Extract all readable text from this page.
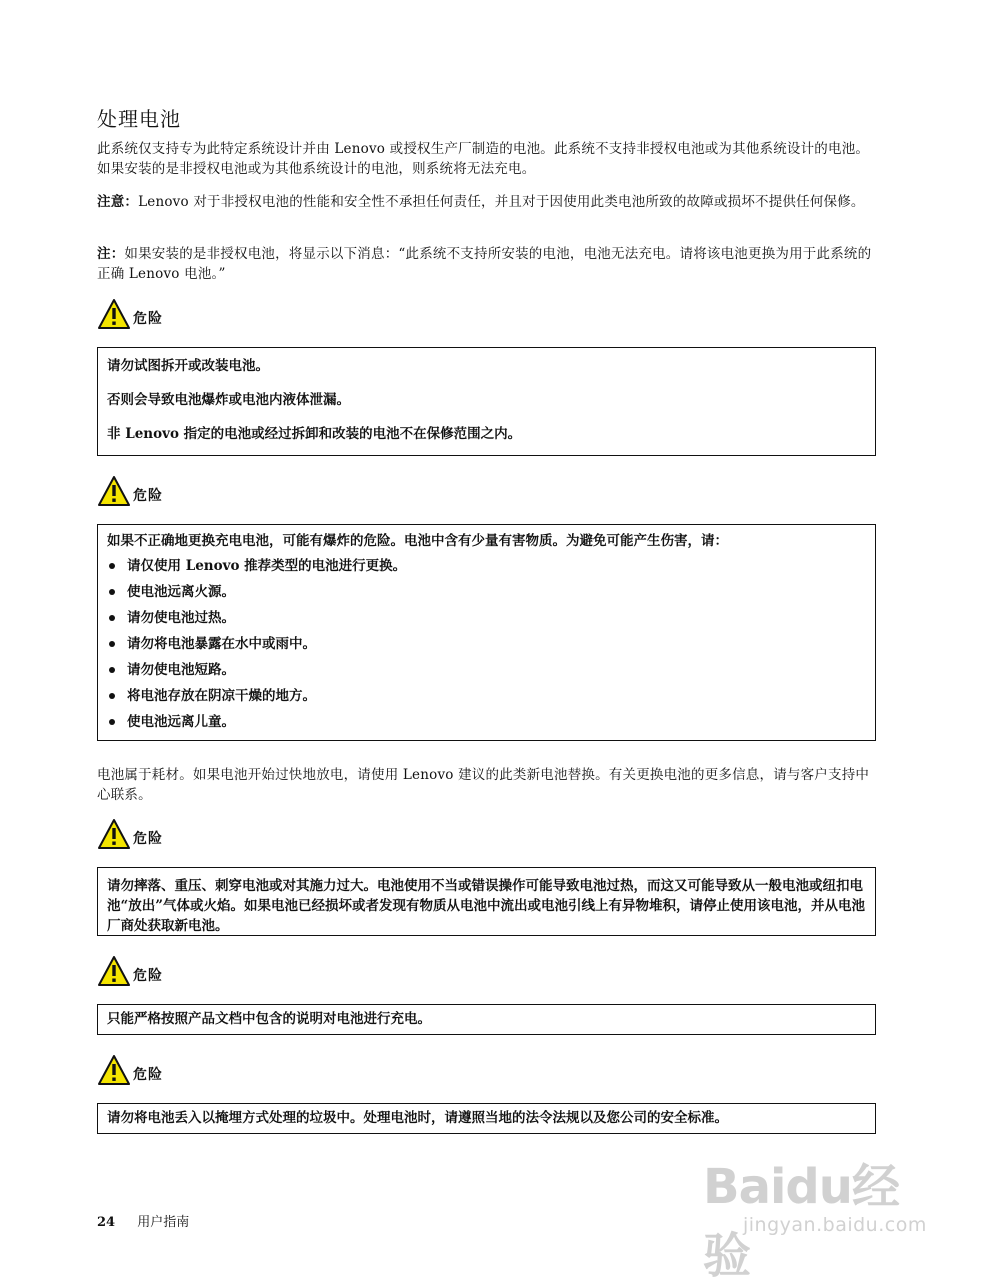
处理电池

此系统仅支持专为此特定系统设计并由 Lenovo 或授权生产厂制造的电池。此系统不支持非授权电池或为其他系统设计的电池。如果安装的是非授权电池或为其他系统设计的电池，则系统将无法充电。

注意：Lenovo 对于非授权电池的性能和安全性不承担任何责任，并且对于因使用此类电池所致的故障或损坏不提供任何保修。

注：如果安装的是非授权电池，将显示以下消息：“此系统不支持所安装的电池，电池无法充电。请将该电池更换为用于此系统的正确 Lenovo 电池。”

危险

请勿试图拆开或改装电池。

否则会导致电池爆炸或电池内液体泄漏。

非 Lenovo 指定的电池或经过拆卸和改装的电池不在保修范围之内。

危险

如果不正确地更换充电电池，可能有爆炸的危险。电池中含有少量有害物质。为避免可能产生伤害，请：

请仅使用 Lenovo 推荐类型的电池进行更换。
使电池远离火源。
请勿使电池过热。
请勿将电池暴露在水中或雨中。
请勿使电池短路。
将电池存放在阴凉干燥的地方。
使电池远离儿童。

电池属于耗材。如果电池开始过快地放电，请使用 Lenovo 建议的此类新电池替换。有关更换电池的更多信息，请与客户支持中心联系。

危险

请勿摔落、重压、刺穿电池或对其施力过大。电池使用不当或错误操作可能导致电池过热，而这又可能导致从一般电池或纽扣电池“放出”气体或火焰。如果电池已经损坏或者发现有物质从电池中流出或电池引线上有异物堆积，请停止使用该电池，并从电池厂商处获取新电池。

危险

只能严格按照产品文档中包含的说明对电池进行充电。

危险

请勿将电池丢入以掩埋方式处理的垃圾中。处理电池时，请遵照当地的法令法规以及您公司的安全标准。

24 用户指南
Baidu经验
jingyan.baidu.com
